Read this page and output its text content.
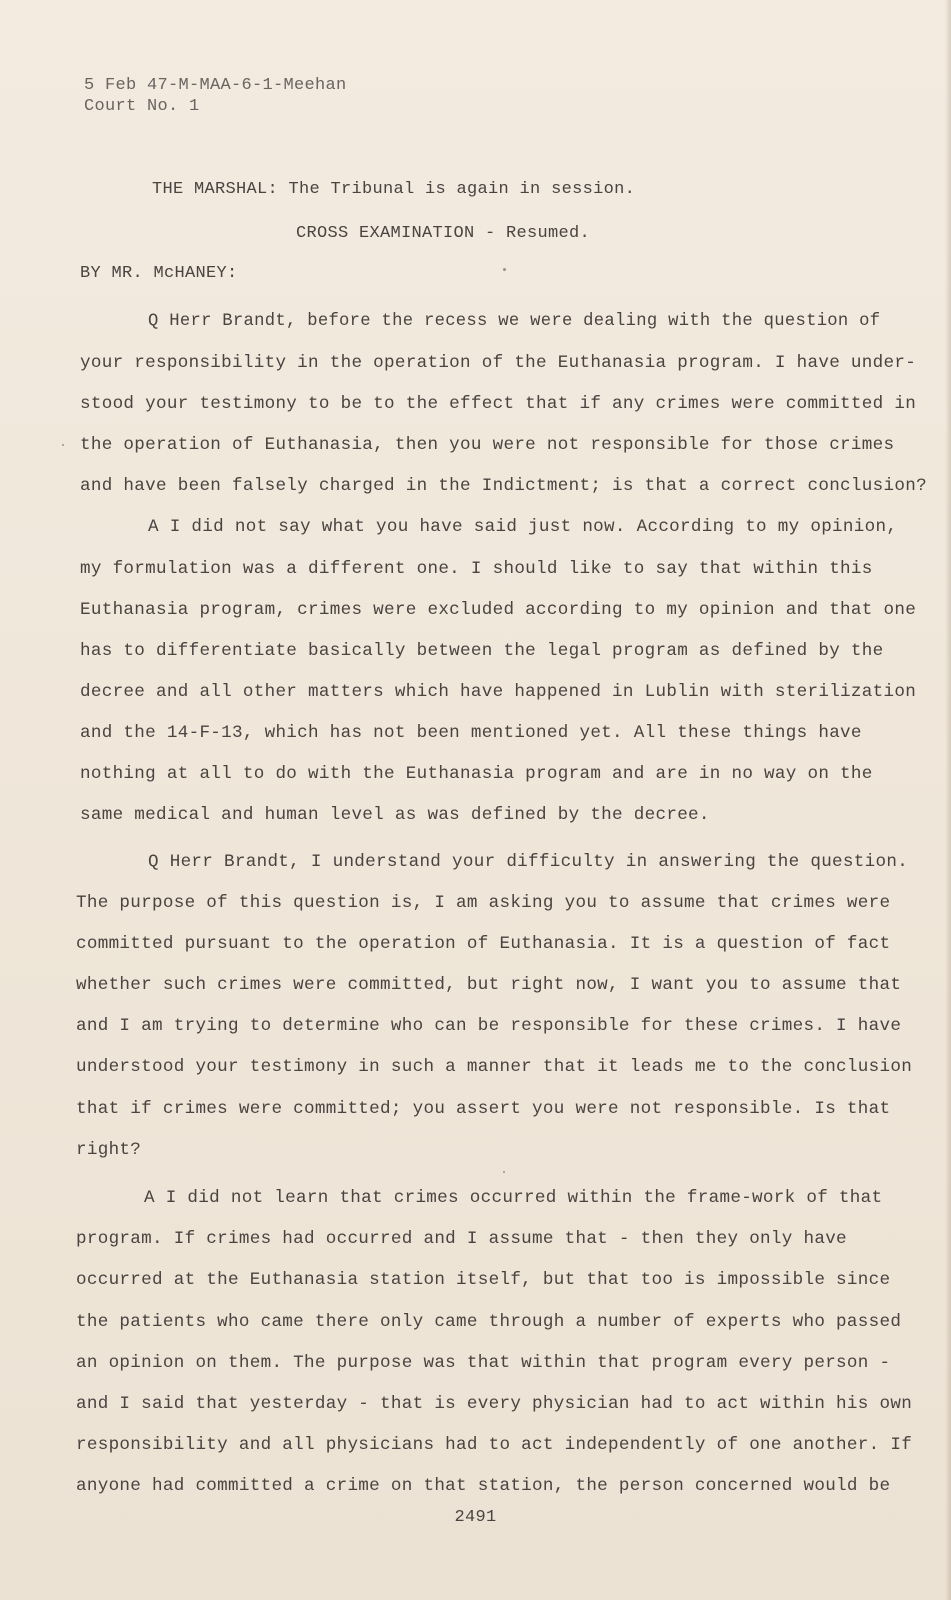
5 Feb 47-M-MAA-6-1-Meehan
Court No. 1
THE MARSHAL: The Tribunal is again in session.
CROSS EXAMINATION - Resumed.
BY MR. McHANEY:
Q Herr Brandt, before the recess we were dealing with the question of
your responsibility in the operation of the Euthanasia program. I have under-
stood your testimony to be to the effect that if any crimes were committed in
the operation of Euthanasia, then you were not responsible for those crimes
and have been falsely charged in the Indictment; is that a correct conclusion?
A I did not say what you have said just now. According to my opinion,
my formulation was a different one. I should like to say that within this
Euthanasia program, crimes were excluded according to my opinion and that one
has to differentiate basically between the legal program as defined by the
decree and all other matters which have happened in Lublin with sterilization
and the 14-F-13, which has not been mentioned yet. All these things have
nothing at all to do with the Euthanasia program and are in no way on the
same medical and human level as was defined by the decree.
Q Herr Brandt, I understand your difficulty in answering the question.
The purpose of this question is, I am asking you to assume that crimes were
committed pursuant to the operation of Euthanasia. It is a question of fact
whether such crimes were committed, but right now, I want you to assume that
and I am trying to determine who can be responsible for these crimes. I have
understood your testimony in such a manner that it leads me to the conclusion
that if crimes were committed; you assert you were not responsible. Is that
right?
A I did not learn that crimes occurred within the frame-work of that
program. If crimes had occurred and I assume that - then they only have
occurred at the Euthanasia station itself, but that too is impossible since
the patients who came there only came through a number of experts who passed
an opinion on them. The purpose was that within that program every person -
and I said that yesterday - that is every physician had to act within his own
responsibility and all physicians had to act independently of one another. If
anyone had committed a crime on that station, the person concerned would be
2491
